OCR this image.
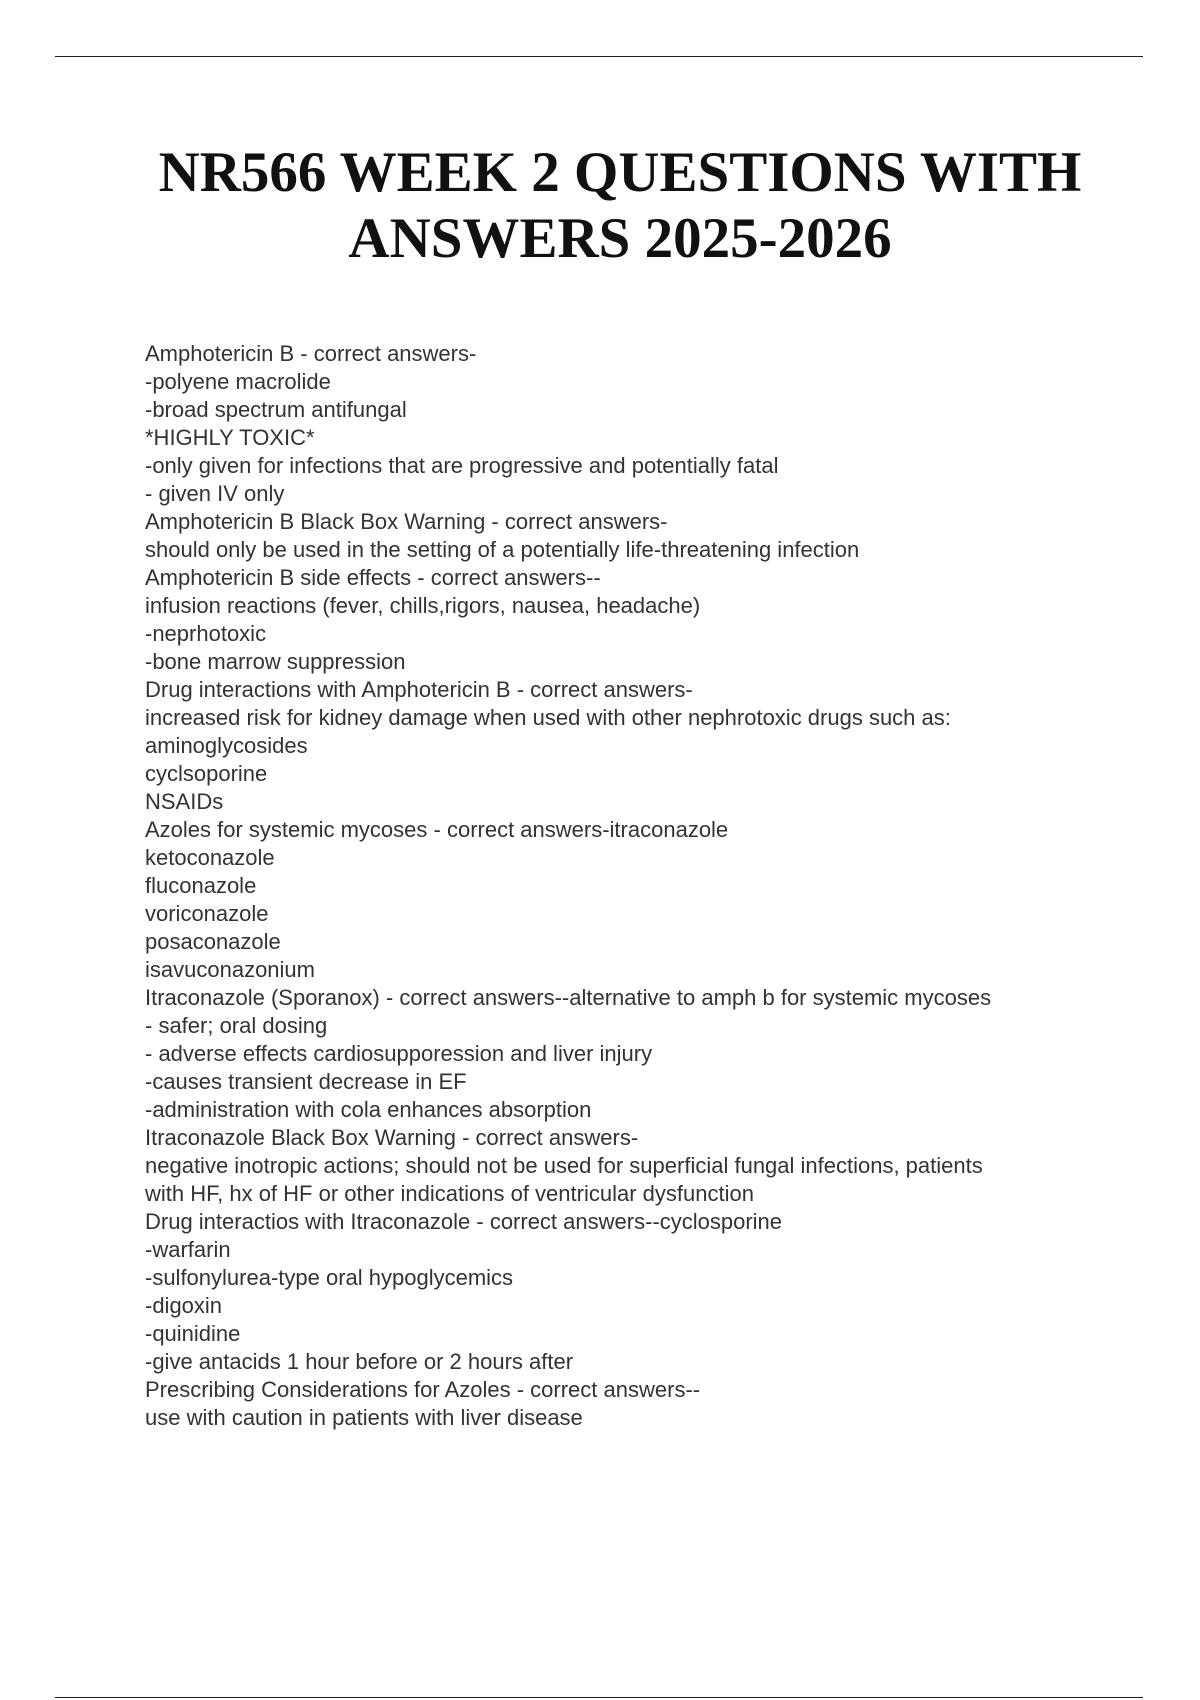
NR566 WEEK 2 QUESTIONS WITH
ANSWERS 2025-2026
Amphotericin B - correct answers-
-polyene macrolide
-broad spectrum antifungal
*HIGHLY TOXIC*
-only given for infections that are progressive and potentially fatal
- given IV only
Amphotericin B Black Box Warning - correct answers-
should only be used in the setting of a potentially life-threatening infection
Amphotericin B side effects - correct answers--
infusion reactions (fever, chills,rigors, nausea, headache)
-neprhotoxic
-bone marrow suppression
Drug interactions with Amphotericin B - correct answers-
increased risk for kidney damage when used with other nephrotoxic drugs such as:
aminoglycosides
cyclsoporine
NSAIDs
Azoles for systemic mycoses - correct answers-itraconazole
ketoconazole
fluconazole
voriconazole
posaconazole
isavuconazonium
Itraconazole (Sporanox) - correct answers--alternative to amph b for systemic mycoses
- safer; oral dosing
- adverse effects cardiosupporession and liver injury
-causes transient decrease in EF
-administration with cola enhances absorption
Itraconazole Black Box Warning - correct answers-
negative inotropic actions; should not be used for superficial fungal infections, patients
with HF, hx of HF or other indications of ventricular dysfunction
Drug interactios with Itraconazole - correct answers--cyclosporine
-warfarin
-sulfonylurea-type oral hypoglycemics
-digoxin
-quinidine
-give antacids 1 hour before or 2 hours after
Prescribing Considerations for Azoles - correct answers--
use with caution in patients with liver disease
